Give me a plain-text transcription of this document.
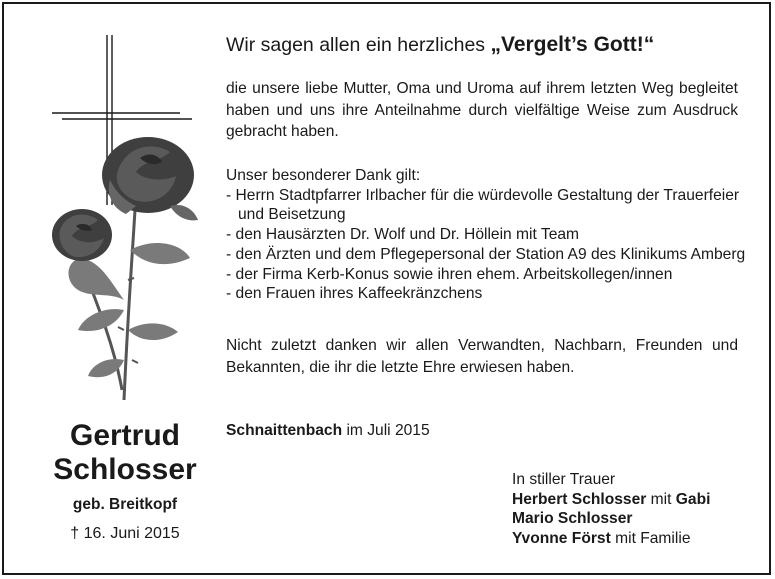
Gertrud
Schlosser
geb. Breitkopf
† 16. Juni 2015
Wir sagen allen ein herzliches „Vergelt’s Gott!“
die unsere liebe Mutter, Oma und Uroma auf ihrem letzten Weg begleitet haben und uns ihre Anteilnahme durch vielfältige Weise zum Ausdruck gebracht haben.
Unser besonderer Dank gilt:
- Herrn Stadtpfarrer Irlbacher für die würdevolle Gestaltung der Trauerfeier und Beisetzung
- den Hausärzten Dr. Wolf und Dr. Höllein mit Team
- den Ärzten und dem Pflegepersonal der Station A9 des Klinikums Amberg
- der Firma Kerb-Konus sowie ihren ehem. Arbeitskollegen/innen
- den Frauen ihres Kaffeekränzchens
Nicht zuletzt danken wir allen Verwandten, Nachbarn, Freunden und Bekannten, die ihr die letzte Ehre erwiesen haben.
Schnaittenbach im Juli 2015
In stiller Trauer
Herbert Schlosser mit Gabi
Mario Schlosser
Yvonne Först mit Familie
